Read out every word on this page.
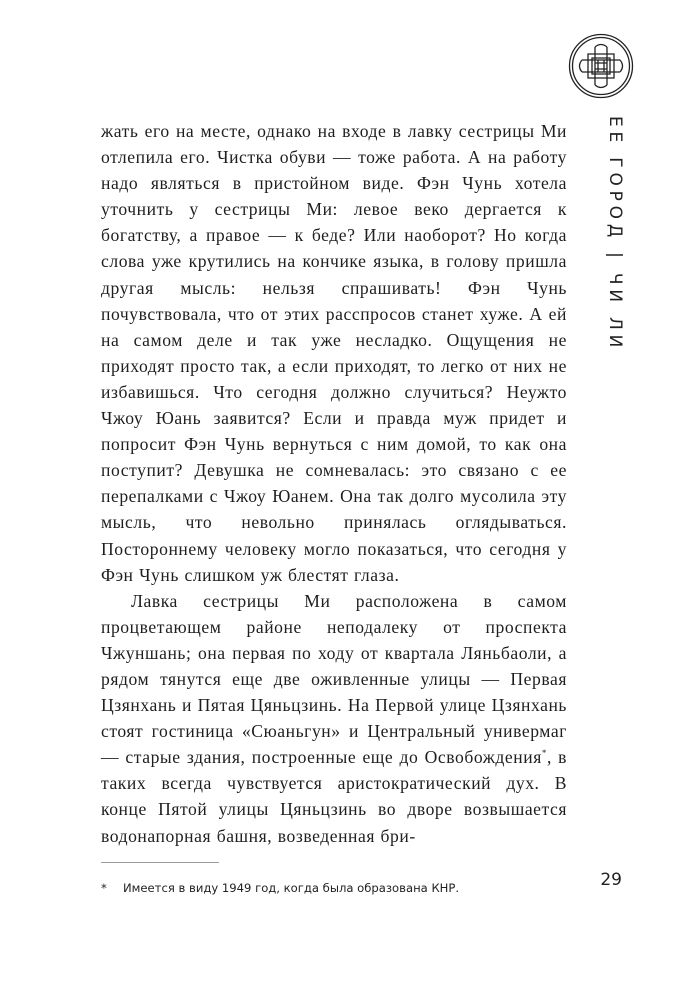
ЕЕ ГОРОД | ЧИ ЛИ

жать его на месте, однако на входе в лавку сестрицы Ми отлепила его. Чистка обуви — тоже работа. А на работу надо являться в пристойном виде. Фэн Чунь хотела уточнить у сестрицы Ми: левое веко дергается к богатству, а правое — к беде? Или наоборот? Но когда слова уже крутились на кончике языка, в голову пришла другая мысль: нельзя спрашивать! Фэн Чунь почувствовала, что от этих расспросов станет хуже. А ей на самом деле и так уже несладко. Ощущения не приходят просто так, а если приходят, то легко от них не избавишься. Что сегодня должно случиться? Неужто Чжоу Юань заявится? Если и правда муж придет и попросит Фэн Чунь вернуться с ним домой, то как она поступит? Девушка не сомневалась: это связано с ее перепалками с Чжоу Юанем. Она так долго мусолила эту мысль, что невольно принялась оглядываться. Постороннему человеку могло показаться, что сегодня у Фэн Чунь слишком уж блестят глаза.

Лавка сестрицы Ми расположена в самом процветающем районе неподалеку от проспекта Чжуншань; она первая по ходу от квартала Ляньбаоли, а рядом тянутся еще две оживленные улицы — Первая Цзянхань и Пятая Цяньцзинь. На Первой улице Цзянхань стоят гостиница «Сюаньгун» и Центральный универмаг — старые здания, построенные еще до Освобождения*, в таких всегда чувствуется аристократический дух. В конце Пятой улицы Цяньцзинь во дворе возвышается водонапорная башня, возведенная бри-

* Имеется в виду 1949 год, когда была образована КНР.	29
